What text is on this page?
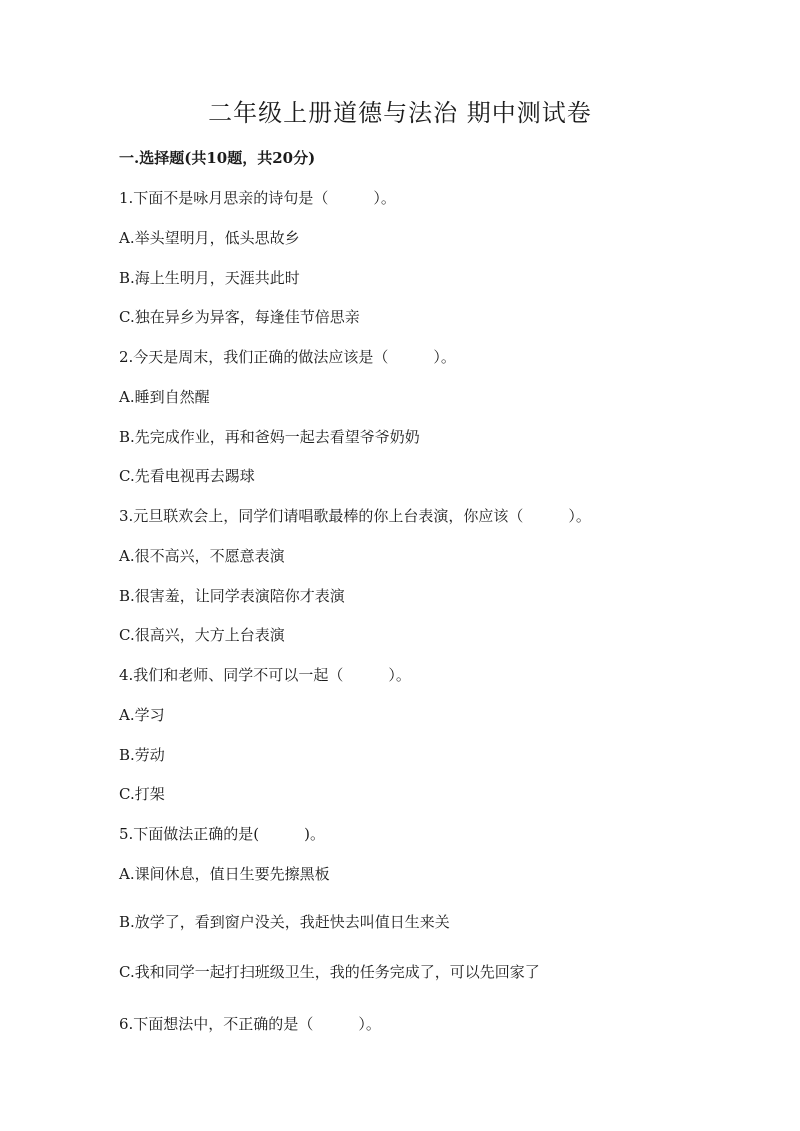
二年级上册道德与法治 期中测试卷

一.选择题(共10题，共20分)

1.下面不是咏月思亲的诗句是（　　　）。

A.举头望明月，低头思故乡

B.海上生明月，天涯共此时

C.独在异乡为异客，每逢佳节倍思亲

2.今天是周末，我们正确的做法应该是（　　　）。

A.睡到自然醒

B.先完成作业，再和爸妈一起去看望爷爷奶奶

C.先看电视再去踢球

3.元旦联欢会上，同学们请唱歌最棒的你上台表演，你应该（　　　）。

A.很不高兴，不愿意表演

B.很害羞，让同学表演陪你才表演

C.很高兴，大方上台表演

4.我们和老师、同学不可以一起（　　　）。

A.学习

B.劳动

C.打架

5.下面做法正确的是(　　　)。

A.课间休息，值日生要先擦黑板

B.放学了，看到窗户没关，我赶快去叫值日生来关

C.我和同学一起打扫班级卫生，我的任务完成了，可以先回家了

6.下面想法中，不正确的是（　　　）。
